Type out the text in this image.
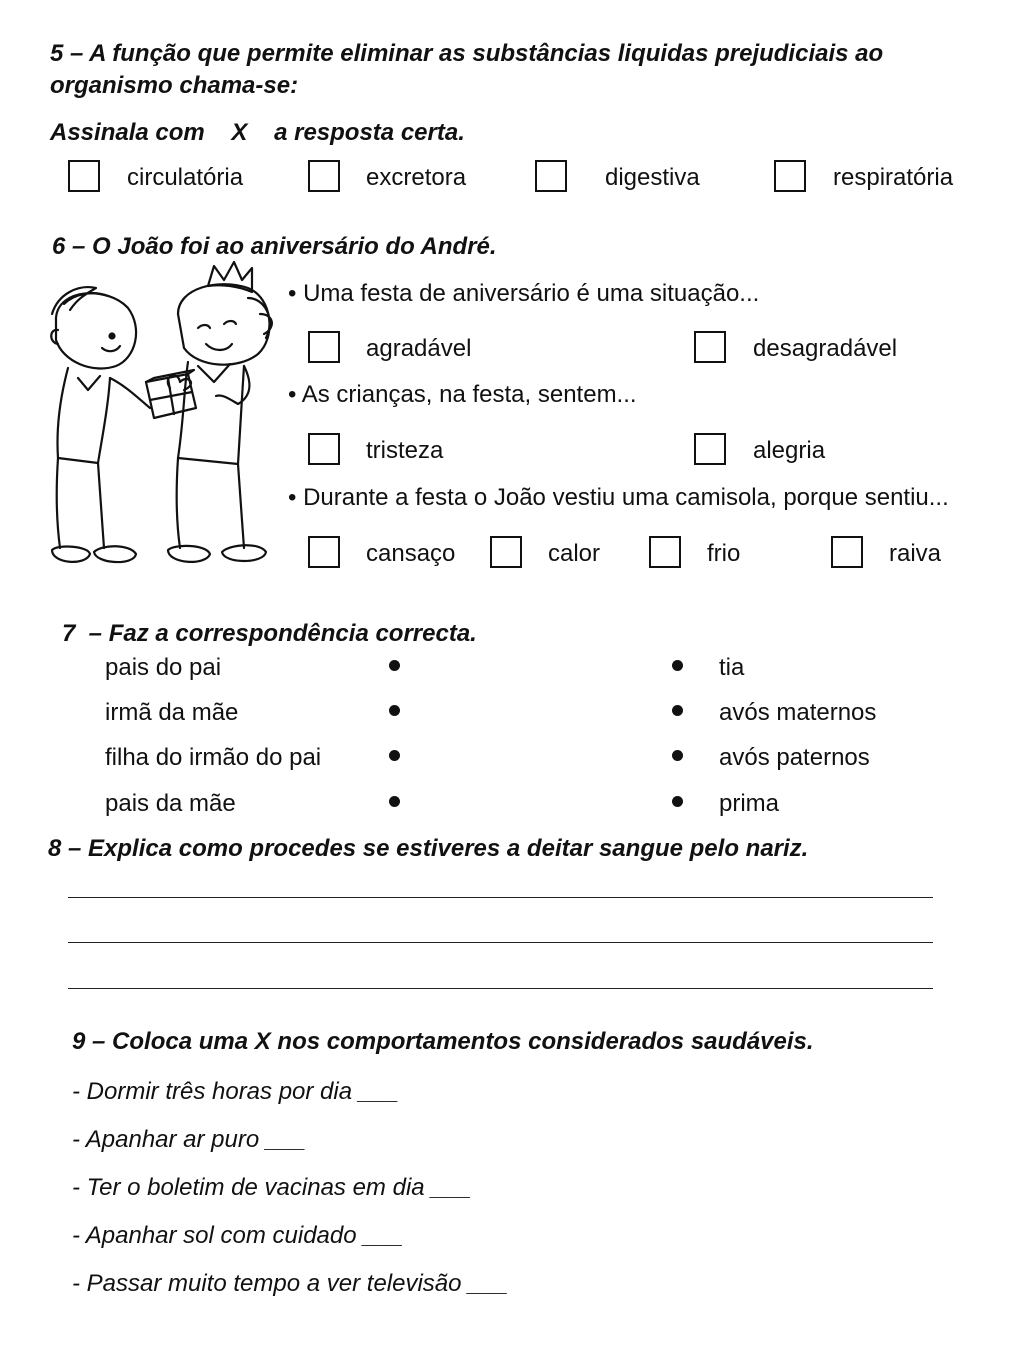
5 – A função que permite eliminar as substâncias liquidas prejudiciais ao
organismo chama-se:
Assinala com    X    a resposta certa.
circulatória	excretora	digestiva	respiratória
6 – O João foi ao aniversário do André.
• Uma festa de aniversário é uma situação...
agradável	desagradável
• As crianças, na festa, sentem...
tristeza	alegria
• Durante a festa o João vestiu uma camisola, porque sentiu...
cansaço	calor	frio	raiva
7  – Faz a correspondência correcta.
pais do pai	tia
irmã da mãe	avós maternos
filha do irmão do pai	avós paternos
pais da mãe	prima
8 – Explica como procedes se estiveres a deitar sangue pelo nariz.
9 – Coloca uma X nos comportamentos considerados saudáveis.
- Dormir três horas por dia ___
- Apanhar ar puro ___
- Ter o boletim de vacinas em dia ___
- Apanhar sol com cuidado ___
- Passar muito tempo a ver televisão ___
